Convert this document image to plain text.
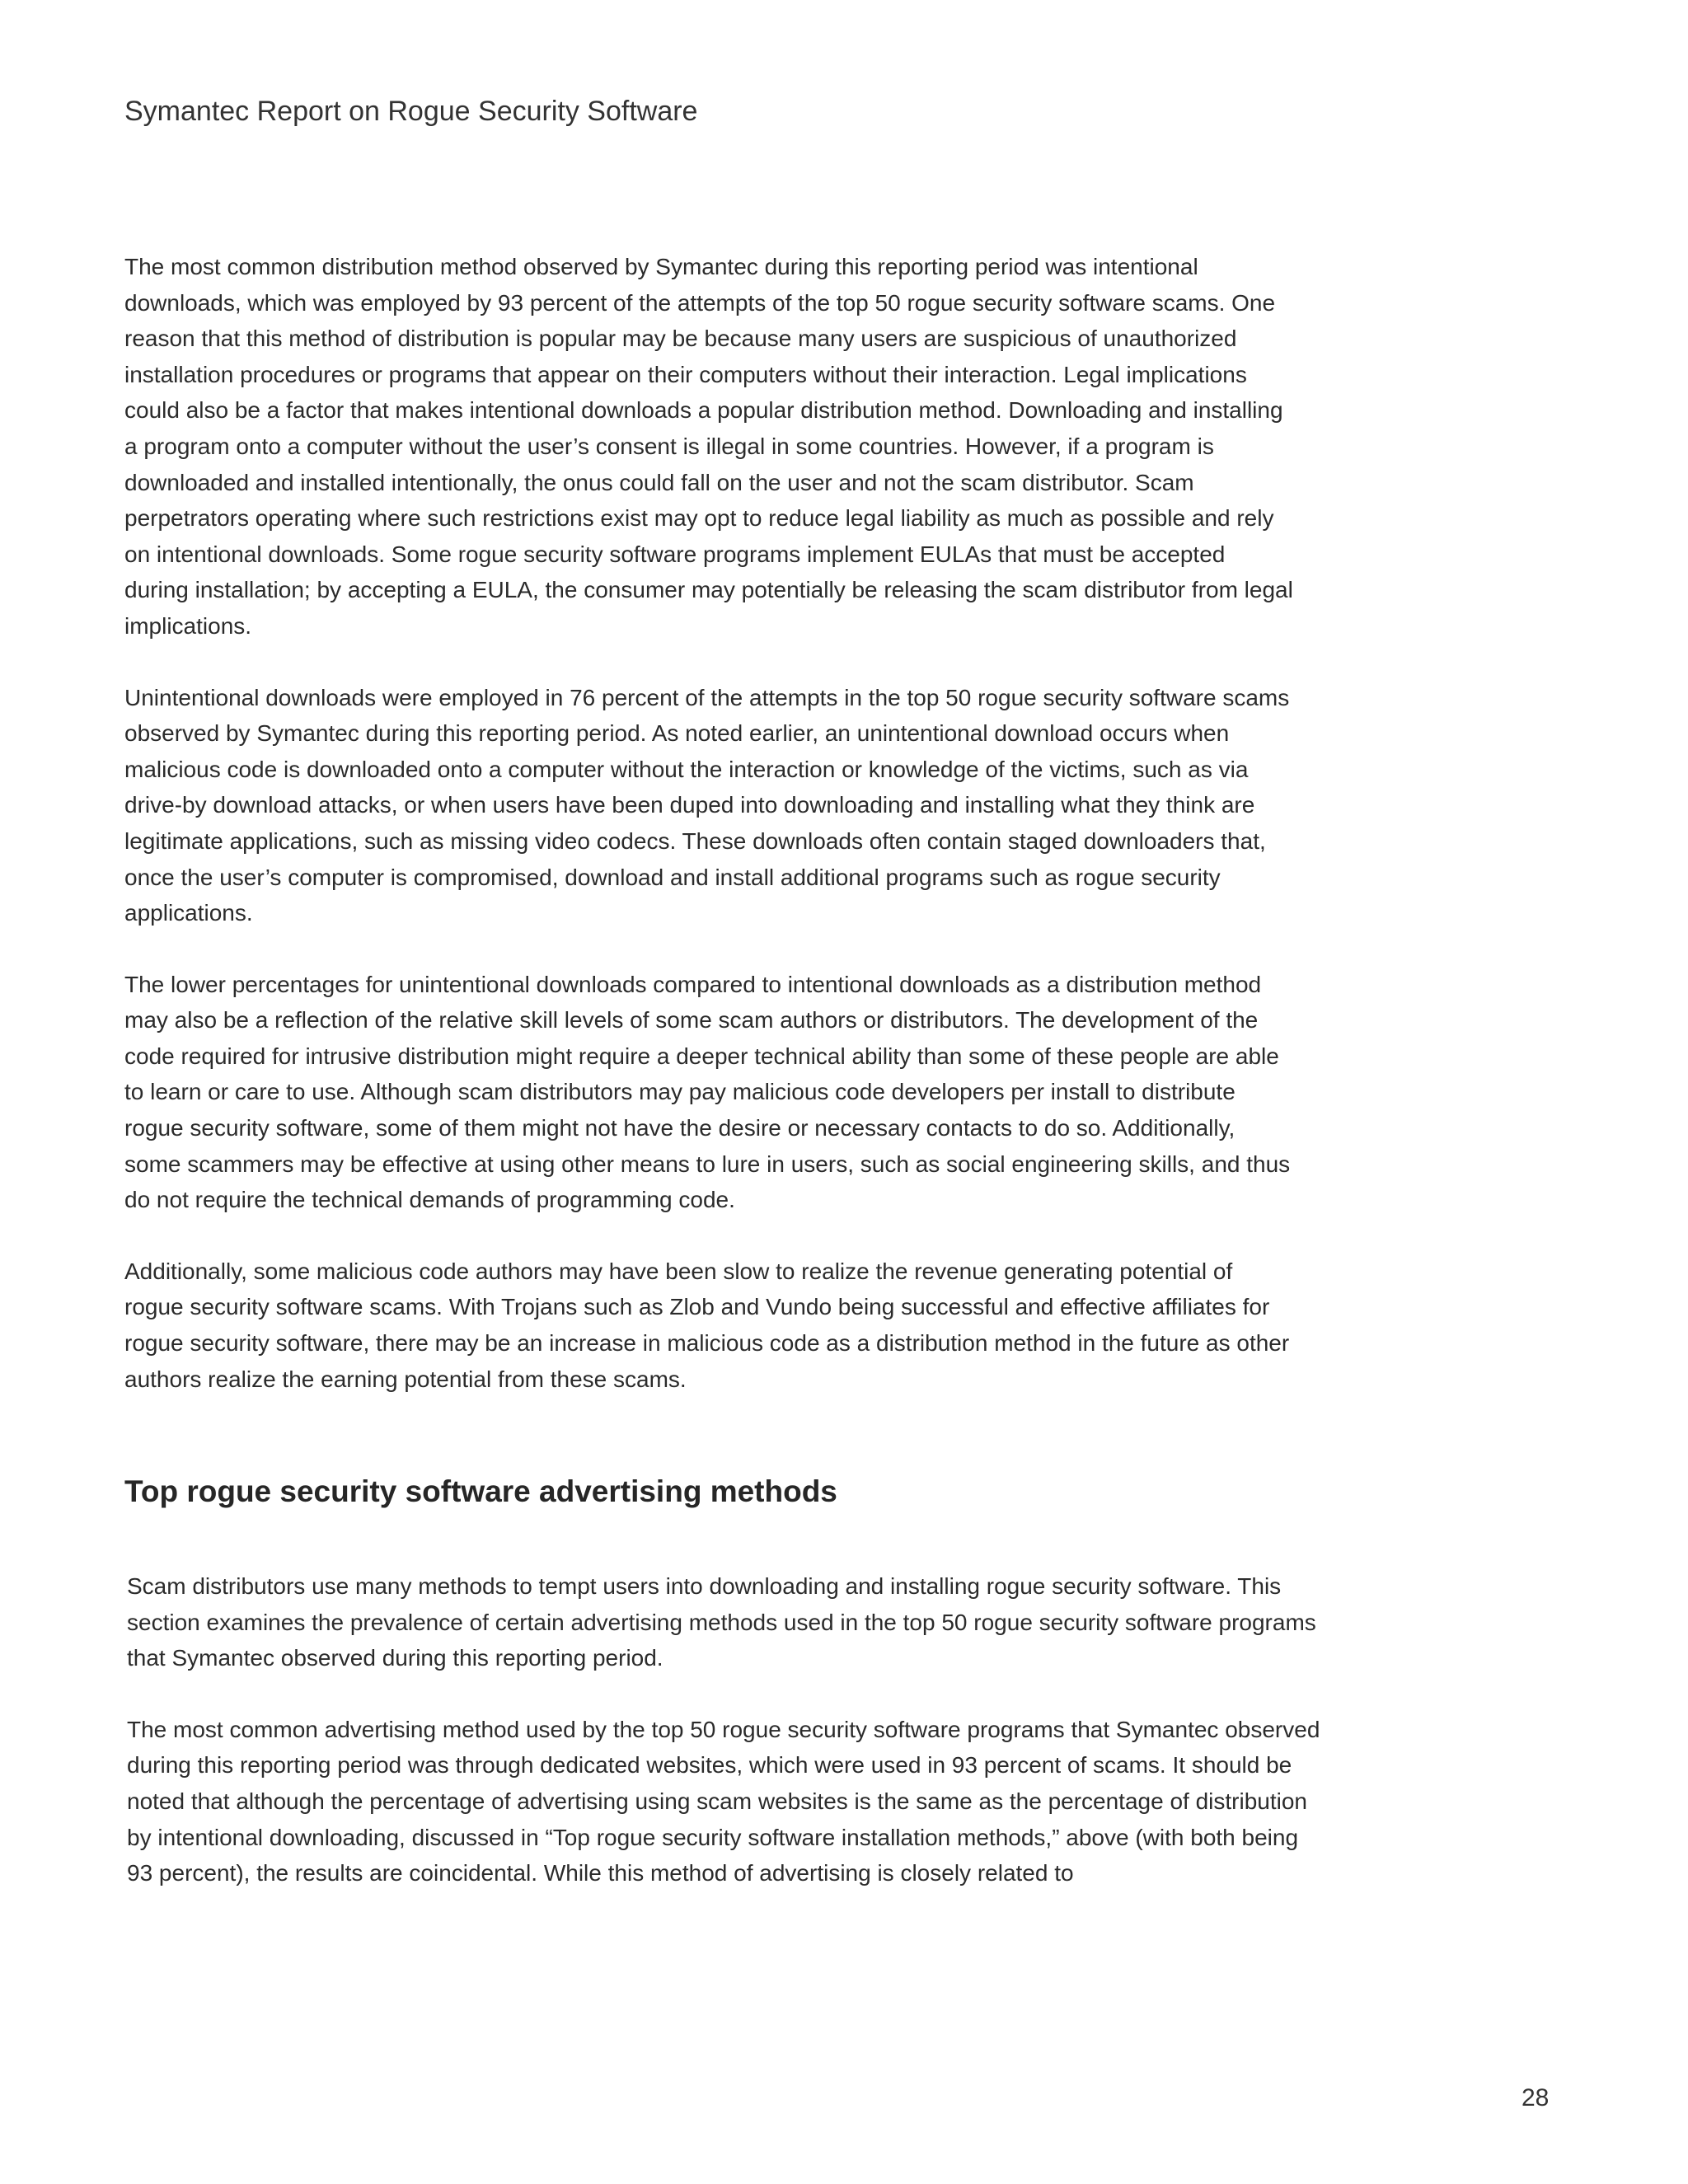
Symantec Report on Rogue Security Software

The most common distribution method observed by Symantec during this reporting period was intentional downloads, which was employed by 93 percent of the attempts of the top 50 rogue security software scams. One reason that this method of distribution is popular may be because many users are suspicious of unauthorized installation procedures or programs that appear on their computers without their interaction. Legal implications could also be a factor that makes intentional downloads a popular distribution method. Downloading and installing a program onto a computer without the user’s consent is illegal in some countries. However, if a program is downloaded and installed intentionally, the onus could fall on the user and not the scam distributor. Scam perpetrators operating where such restrictions exist may opt to reduce legal liability as much as possible and rely on intentional downloads. Some rogue security software programs implement EULAs that must be accepted during installation; by accepting a EULA, the consumer may potentially be releasing the scam distributor from legal implications.

Unintentional downloads were employed in 76 percent of the attempts in the top 50 rogue security software scams observed by Symantec during this reporting period. As noted earlier, an unintentional download occurs when malicious code is downloaded onto a computer without the interaction or knowledge of the victims, such as via drive-by download attacks, or when users have been duped into downloading and installing what they think are legitimate applications, such as missing video codecs. These downloads often contain staged downloaders that, once the user’s computer is compromised, download and install additional programs such as rogue security applications.

The lower percentages for unintentional downloads compared to intentional downloads as a distribution method may also be a reflection of the relative skill levels of some scam authors or distributors. The development of the code required for intrusive distribution might require a deeper technical ability than some of these people are able to learn or care to use. Although scam distributors may pay malicious code developers per install to distribute rogue security software, some of them might not have the desire or necessary contacts to do so. Additionally, some scammers may be effective at using other means to lure in users, such as social engineering skills, and thus do not require the technical demands of programming code.

Additionally, some malicious code authors may have been slow to realize the revenue generating potential of rogue security software scams. With Trojans such as Zlob and Vundo being successful and effective affiliates for rogue security software, there may be an increase in malicious code as a distribution method in the future as other authors realize the earning potential from these scams.

Top rogue security software advertising methods

Scam distributors use many methods to tempt users into downloading and installing rogue security software. This section examines the prevalence of certain advertising methods used in the top 50 rogue security software programs that Symantec observed during this reporting period.

The most common advertising method used by the top 50 rogue security software programs that Symantec observed during this reporting period was through dedicated websites, which were used in 93 percent of scams. It should be noted that although the percentage of advertising using scam websites is the same as the percentage of distribution by intentional downloading, discussed in “Top rogue security software installation methods,” above (with both being 93 percent), the results are coincidental. While this method of advertising is closely related to

28
